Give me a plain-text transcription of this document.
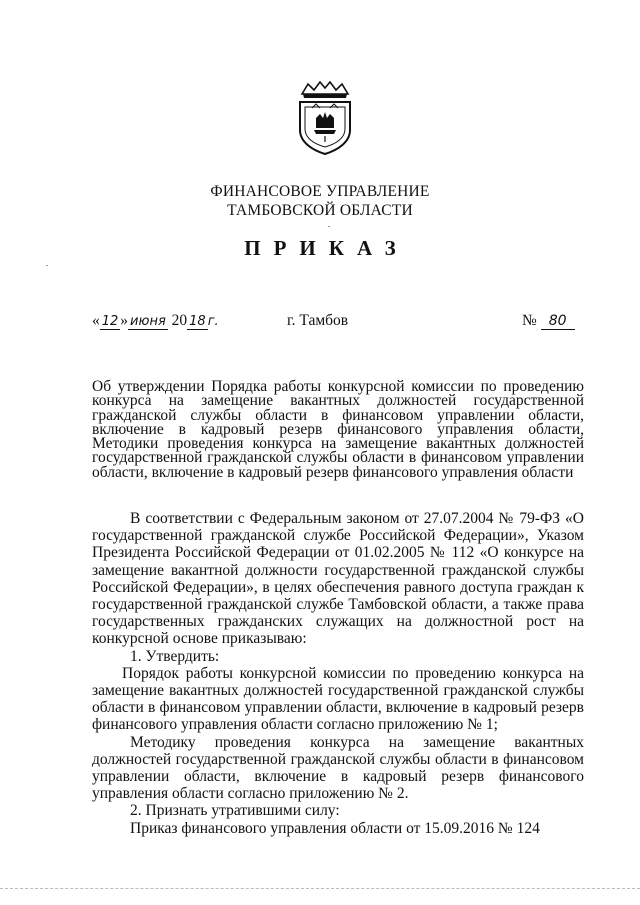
ФИНАНСОВОЕ УПРАВЛЕНИЕ
ТАМБОВСКОЙ ОБЛАСТИ
ПРИКАЗ
« 12 » июня 20 18 г.	г. Тамбов	№ 80
Об утверждении Порядка работы конкурсной комиссии по проведению конкурса на замещение вакантных должностей государственной гражданской службы области в финансовом управлении области, включение в кадровый резерв финансового управления области, Методики проведения конкурса на замещение вакантных должностей государственной гражданской службы области в финансовом управлении области, включение в кадровый резерв финансового управления области

В соответствии с Федеральным законом от 27.07.2004 № 79-ФЗ «О государственной гражданской службе Российской Федерации», Указом Президента Российской Федерации от 01.02.2005 № 112 «О конкурсе на замещение вакантной должности государственной гражданской службы Российской Федерации», в целях обеспечения равного доступа граждан к государственной гражданской службе Тамбовской области, а также права государственных гражданских служащих на должностной рост на конкурсной основе приказываю:

1. Утвердить:

Порядок работы конкурсной комиссии по проведению конкурса на замещение вакантных должностей государственной гражданской службы области в финансовом управлении области, включение в кадровый резерв финансового управления области согласно приложению № 1;

Методику проведения конкурса на замещение вакантных должностей государственной гражданской службы области в финансовом управлении области, включение в кадровый резерв финансового управления области согласно приложению № 2.

2. Признать утратившими силу:

Приказ финансового управления области от 15.09.2016 № 124
